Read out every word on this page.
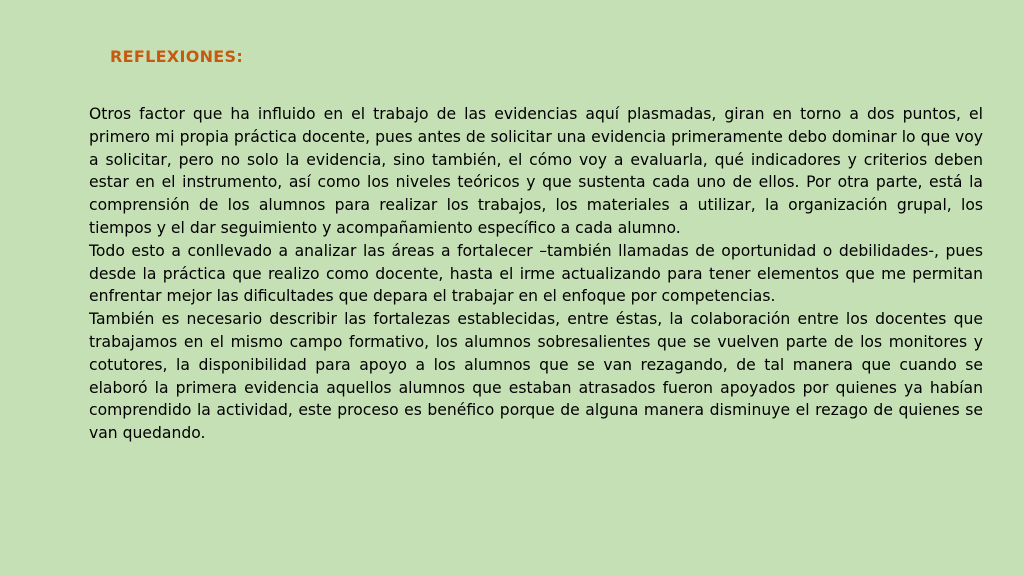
REFLEXIONES:

Otros factor que ha influido en el trabajo de las evidencias aquí plasmadas, giran en torno a dos puntos, el primero mi propia práctica docente, pues antes de solicitar una evidencia primeramente debo dominar lo que voy a solicitar, pero no solo la evidencia, sino también, el cómo voy a evaluarla, qué indicadores y criterios deben estar en el instrumento, así como los niveles teóricos y que sustenta cada uno de ellos. Por otra parte, está la comprensión de los alumnos para realizar los trabajos, los materiales a utilizar, la organización grupal, los tiempos y el dar seguimiento y acompañamiento específico a cada alumno.

Todo esto a conllevado a analizar las áreas a fortalecer –también llamadas de oportunidad o debilidades-, pues desde la práctica que realizo como docente, hasta el irme actualizando para tener elementos que me permitan enfrentar mejor las dificultades que depara el trabajar en el enfoque por competencias.

También es necesario describir las fortalezas establecidas, entre éstas, la colaboración entre los docentes que trabajamos en el mismo campo formativo, los alumnos sobresalientes que se vuelven parte de los monitores y cotutores, la disponibilidad para apoyo a los alumnos que se van rezagando, de tal manera que cuando se elaboró la primera evidencia aquellos alumnos que estaban atrasados fueron apoyados por quienes ya habían comprendido la actividad, este proceso es benéfico porque de alguna manera disminuye el rezago de quienes se van quedando.
